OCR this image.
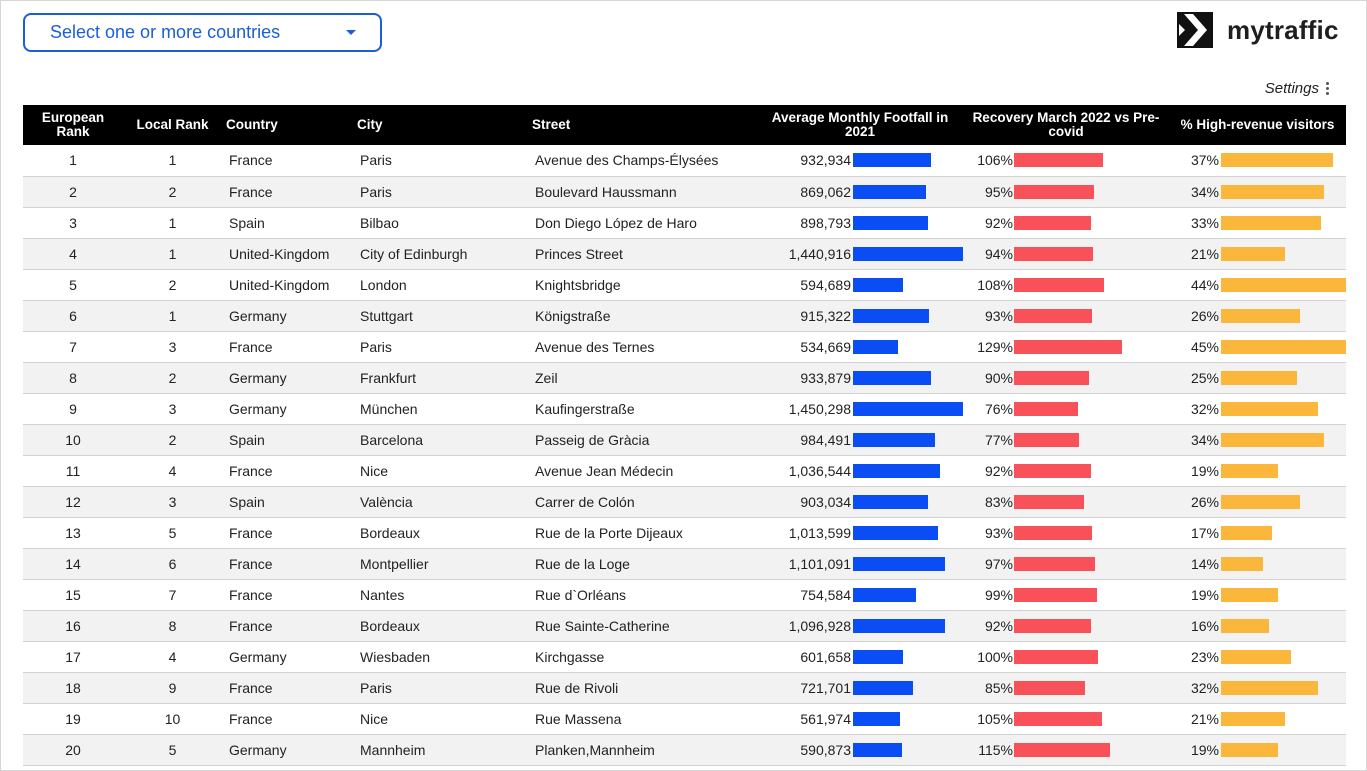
Select one or more countries	mytraffic
Settings
European Rank	Local Rank	Country	City	Street	Average Monthly Footfall in 2021	Recovery March 2022 vs Pre-covid	% High-revenue visitors
1	1	France	Paris	Avenue des Champs-Élysées	932,934	106%	37%

2	2	France	Paris	Boulevard Haussmann	869,062	95%	34%

3	1	Spain	Bilbao	Don Diego López de Haro	898,793	92%	33%

4	1	United-Kingdom	City of Edinburgh	Princes Street	1,440,916	94%	21%

5	2	United-Kingdom	London	Knightsbridge	594,689	108%	44%

6	1	Germany	Stuttgart	Königstraße	915,322	93%	26%

7	3	France	Paris	Avenue des Ternes	534,669	129%	45%

8	2	Germany	Frankfurt	Zeil	933,879	90%	25%

9	3	Germany	München	Kaufingerstraße	1,450,298	76%	32%

10	2	Spain	Barcelona	Passeig de Gràcia	984,491	77%	34%

11	4	France	Nice	Avenue Jean Médecin	1,036,544	92%	19%

12	3	Spain	València	Carrer de Colón	903,034	83%	26%

13	5	France	Bordeaux	Rue de la Porte Dijeaux	1,013,599	93%	17%

14	6	France	Montpellier	Rue de la Loge	1,101,091	97%	14%

15	7	France	Nantes	Rue d`Orléans	754,584	99%	19%

16	8	France	Bordeaux	Rue Sainte-Catherine	1,096,928	92%	16%

17	4	Germany	Wiesbaden	Kirchgasse	601,658	100%	23%

18	9	France	Paris	Rue de Rivoli	721,701	85%	32%

19	10	France	Nice	Rue Massena	561,974	105%	21%

20	5	Germany	Mannheim	Planken,Mannheim	590,873	115%	19%
